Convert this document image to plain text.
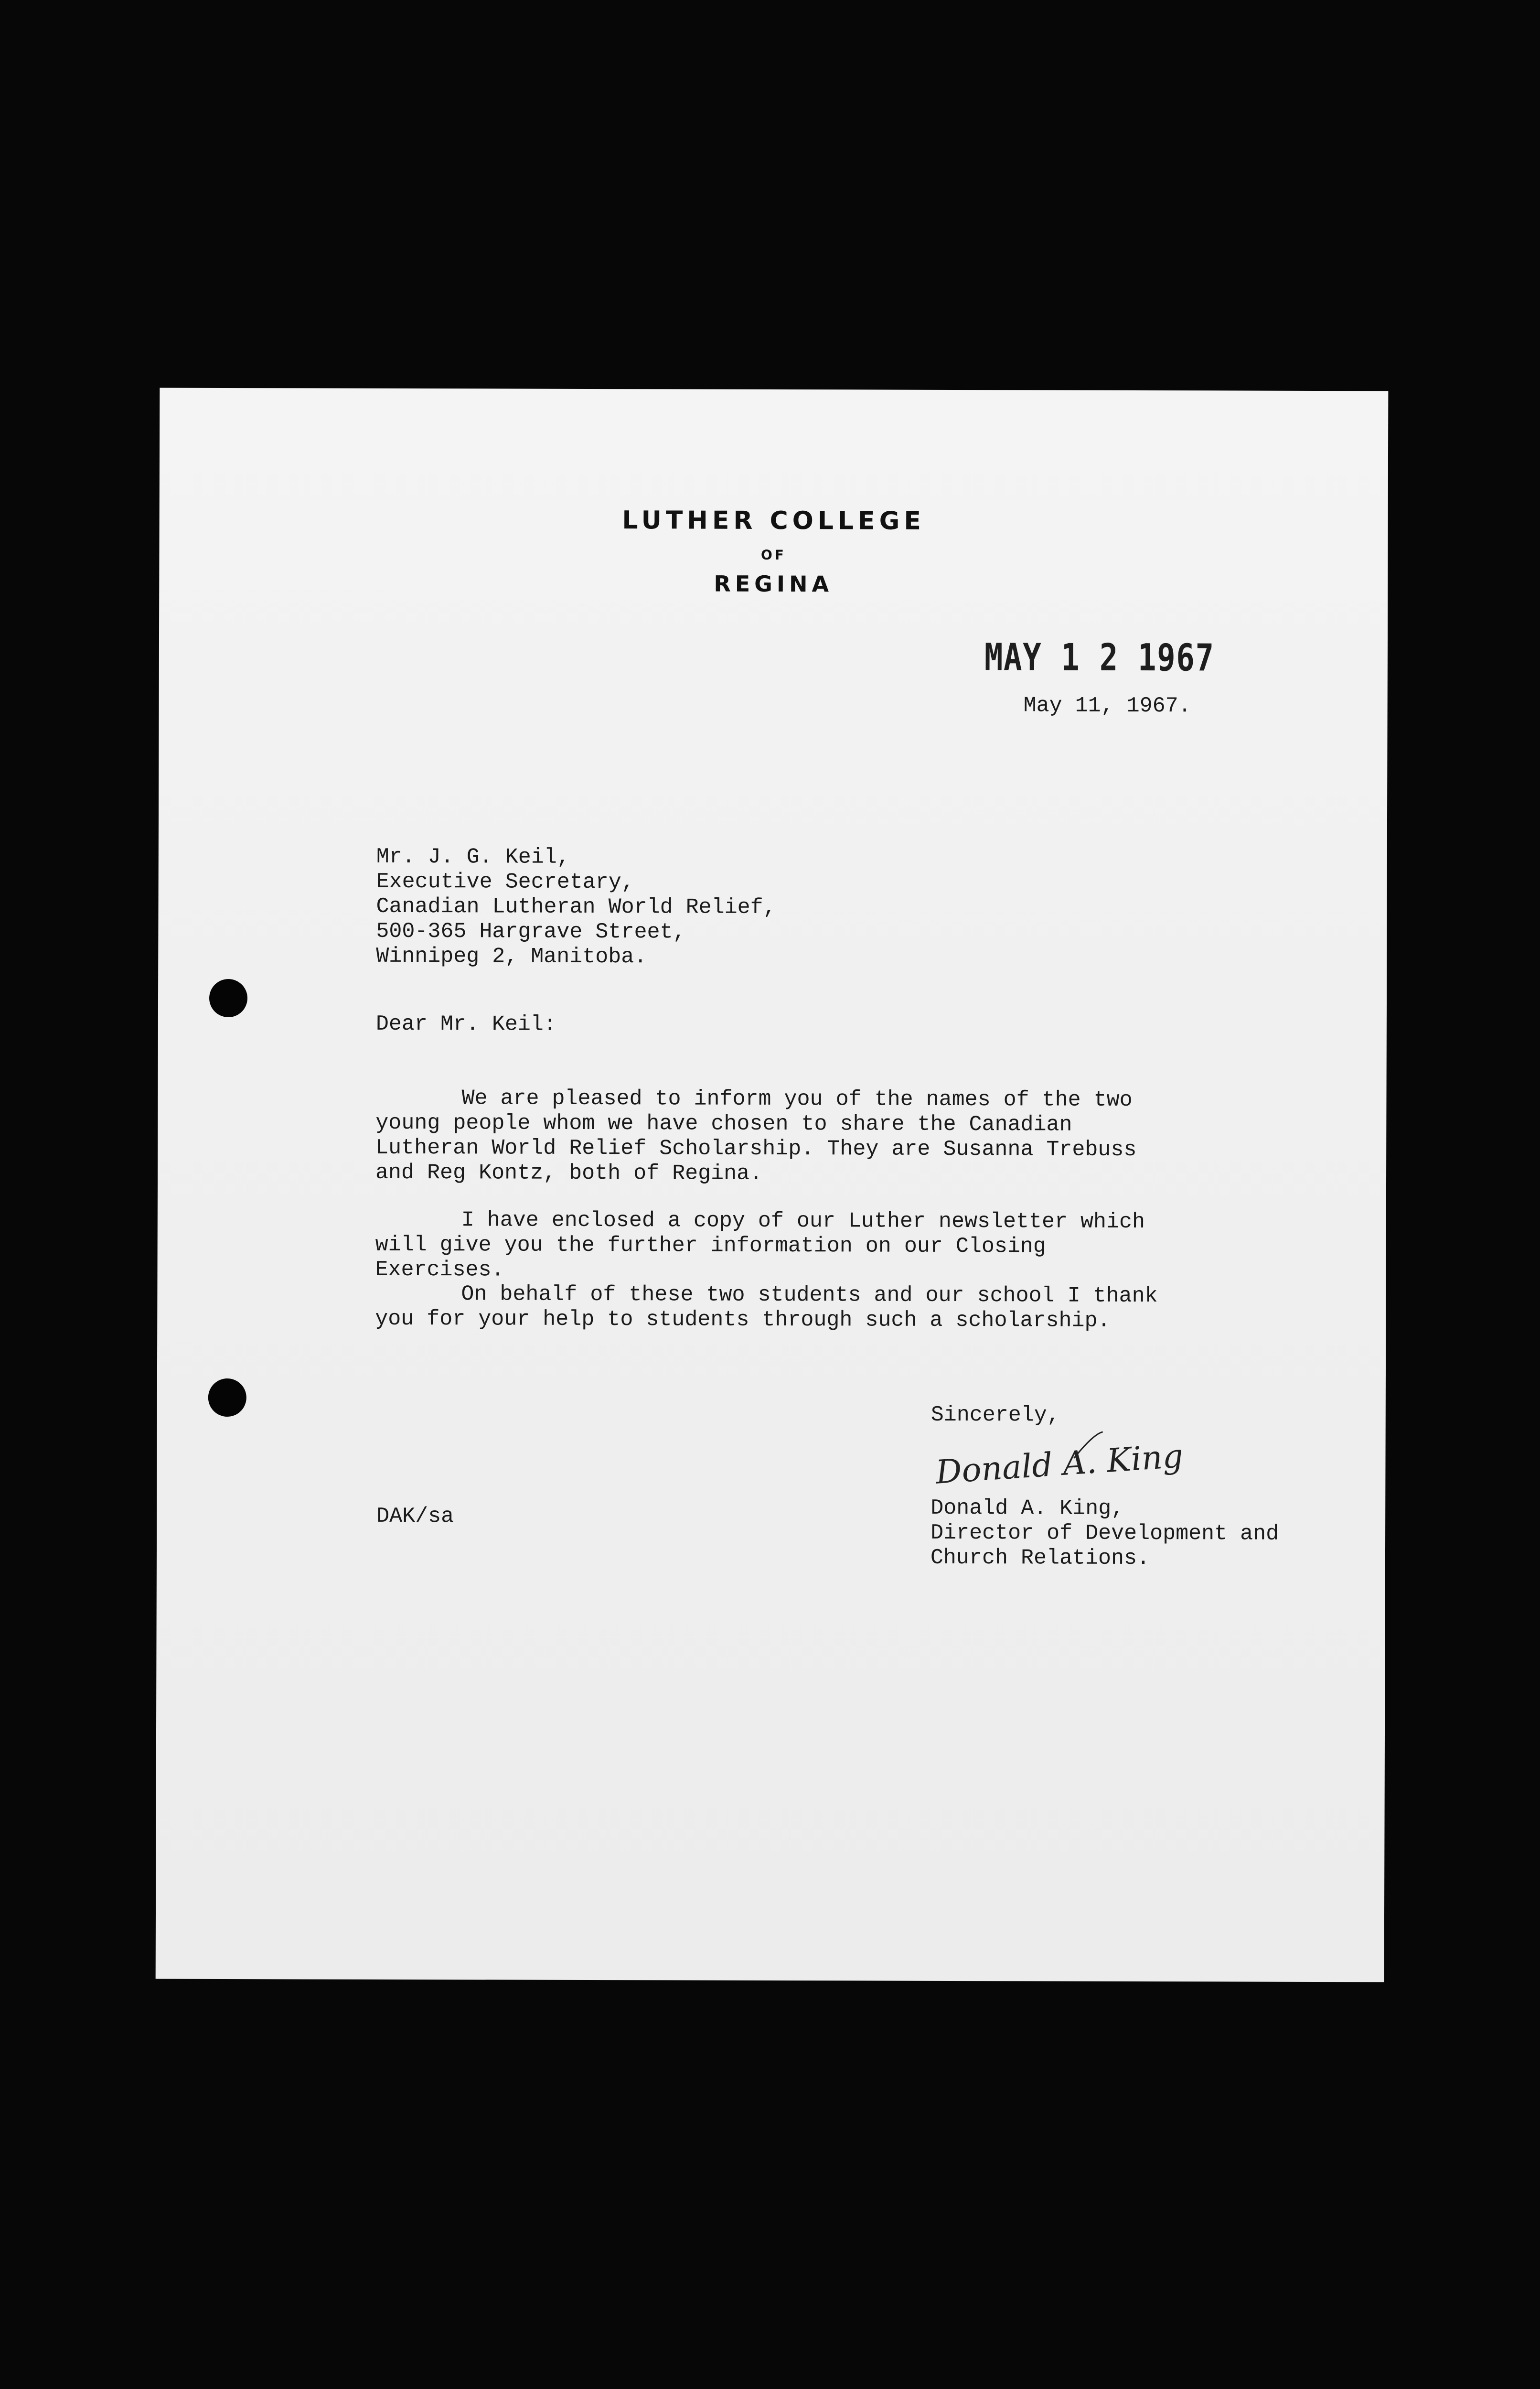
LUTHER COLLEGE
OF
REGINA
MAY 1 2 1967
May 11, 1967.
Mr. J. G. Keil,
Executive Secretary,
Canadian Lutheran World Relief,
500-365 Hargrave Street,
Winnipeg 2, Manitoba.
Dear Mr. Keil:
We are pleased to inform you of the names of the two young people whom we have chosen to share the Canadian Lutheran World Relief Scholarship. They are Susanna Trebuss and Reg Kontz, both of Regina.
I have enclosed a copy of our Luther newsletter which will give you the further information on our Closing Exercises.
On behalf of these two students and our school I thank you for your help to students through such a scholarship.
Sincerely,
Donald A. King
Donald A. King,
Director of Development and
Church Relations.
DAK/sa
